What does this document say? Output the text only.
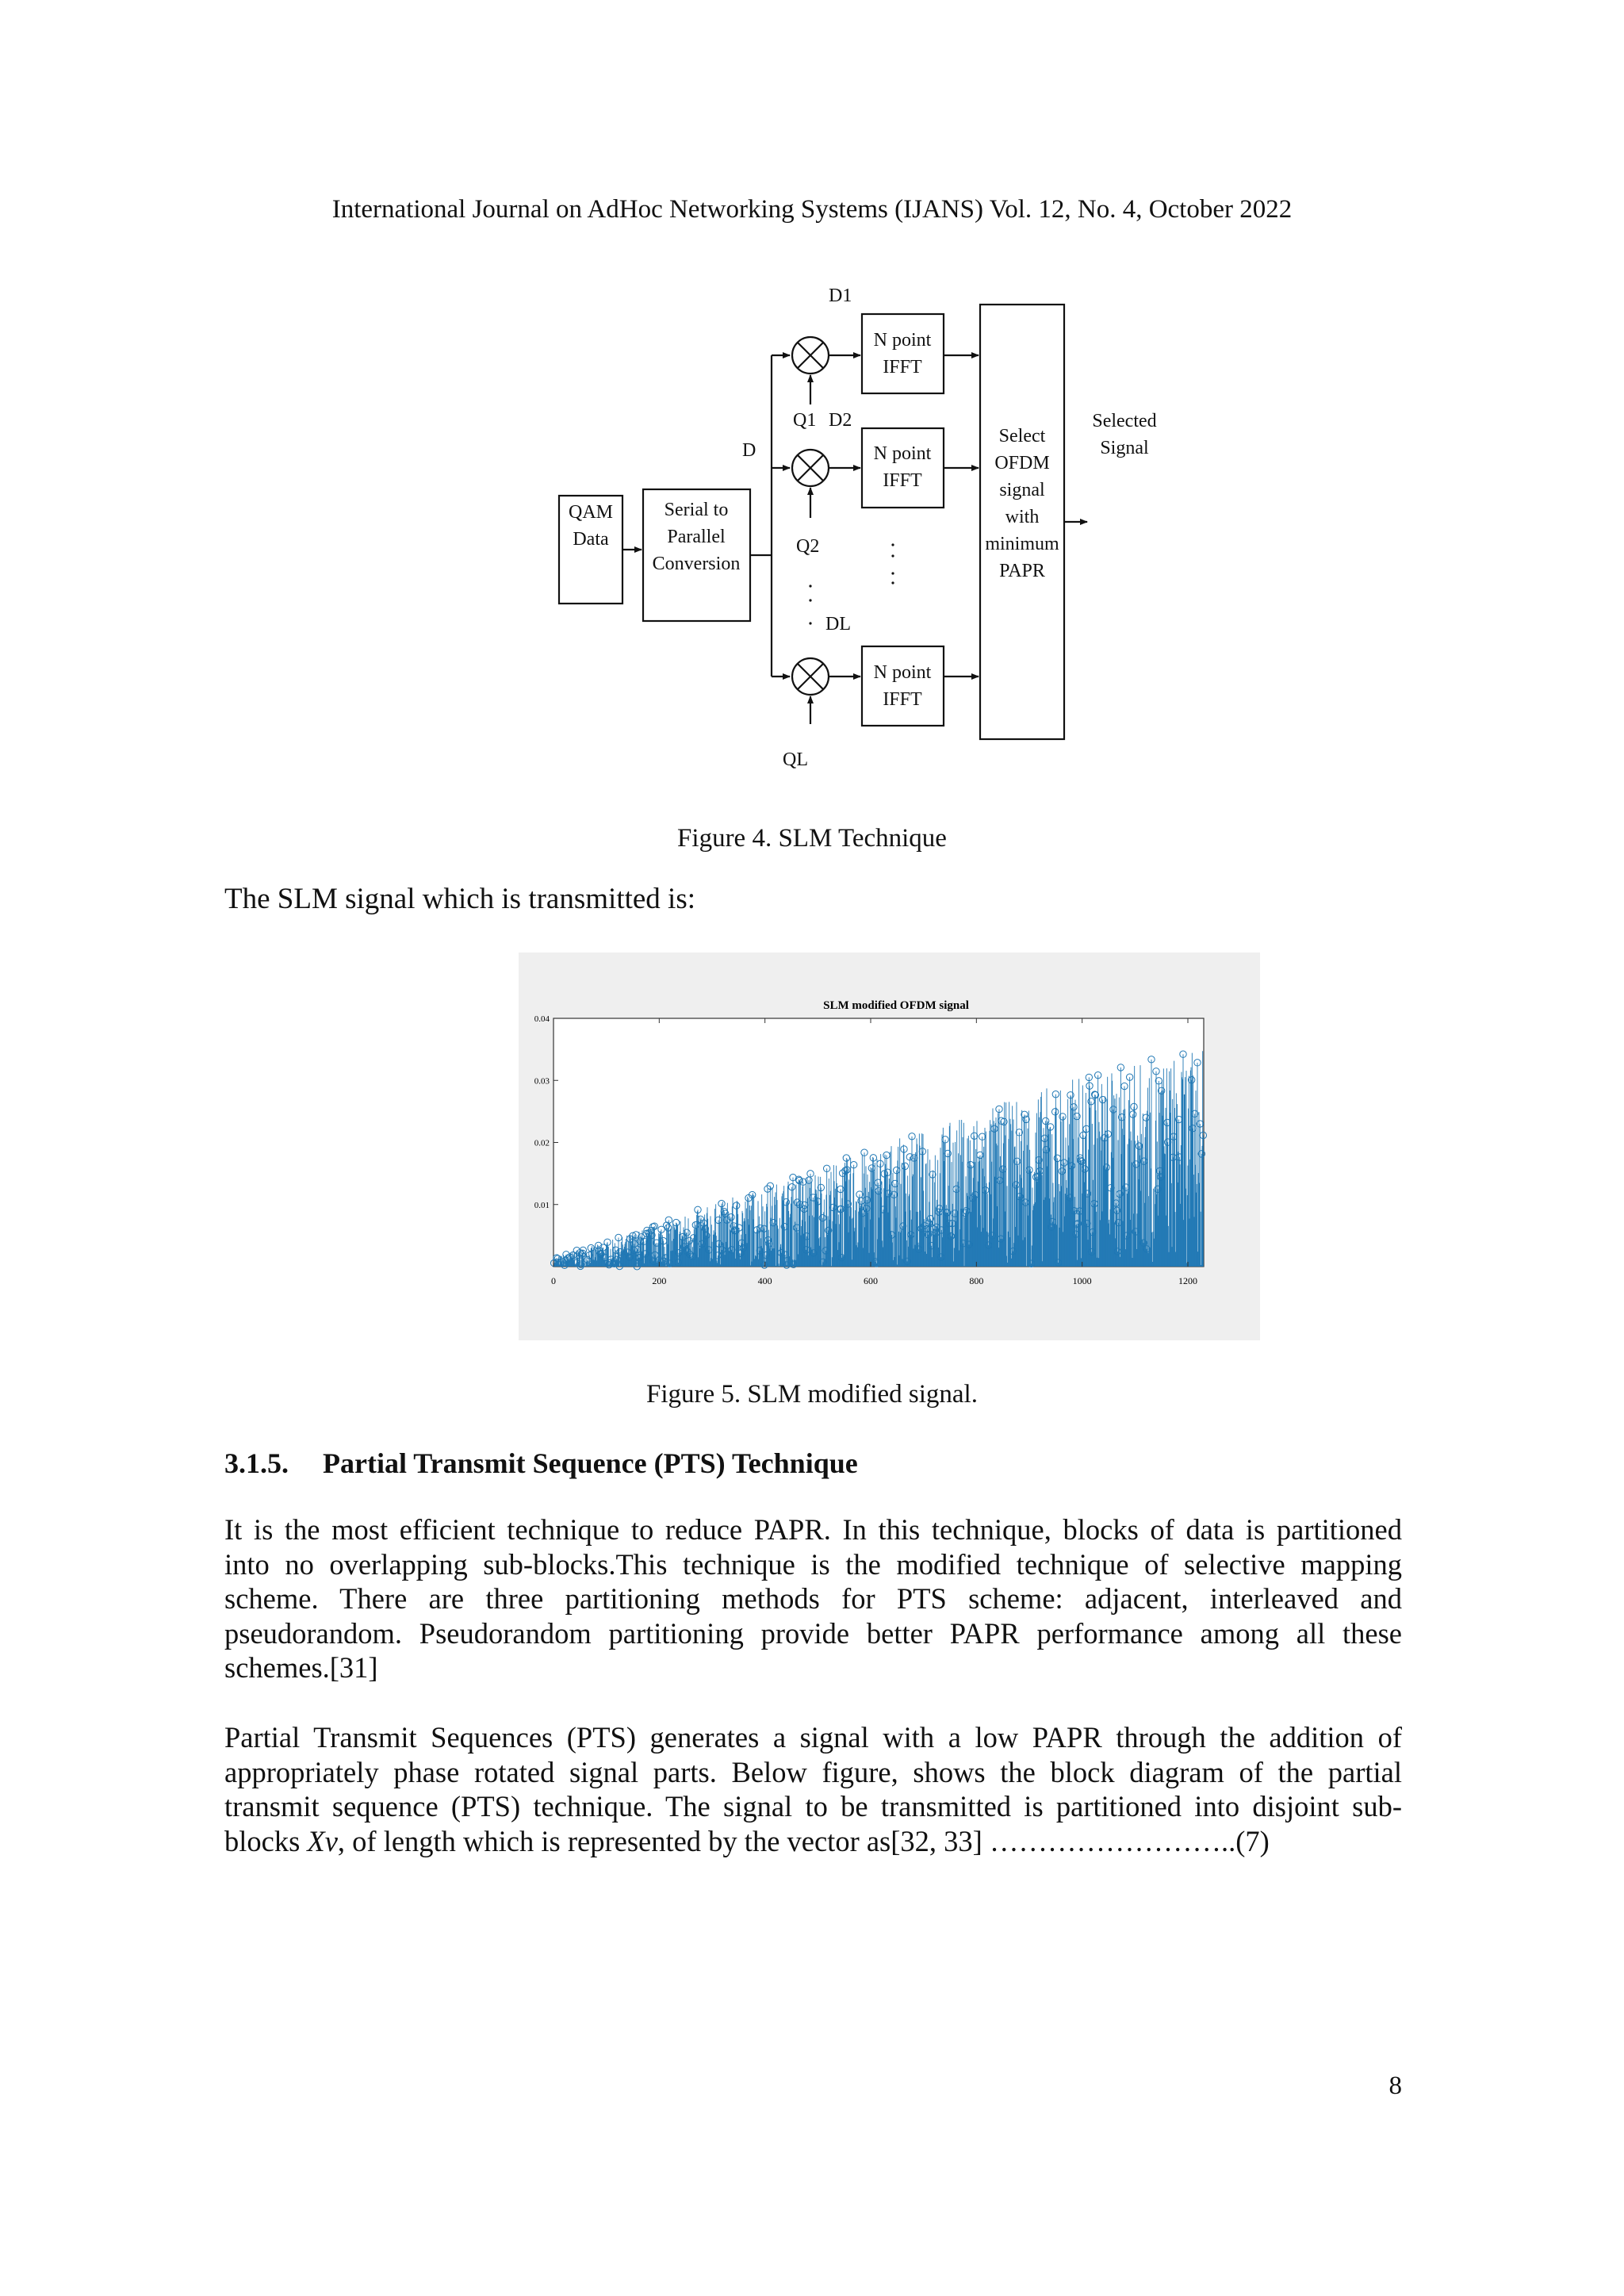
International Journal on AdHoc Networking Systems (IJANS) Vol. 12, No. 4, October 2022
QAM
Data
Serial to
Parallel
Conversion
D
D1
D2
DL
Q1
Q2
QL
N point
IFFT
N point
IFFT
N point
IFFT
Select
OFDM
signal
with
minimum
PAPR
Selected
Signal
Figure 4. SLM Technique
The SLM signal which is transmitted is:
0	200	400	600	800	1000	1200
0.01
0.02
0.03
0.04
SLM modified OFDM signal
Figure 5. SLM modified signal.
3.1.5. Partial Transmit Sequence (PTS) Technique
It is the most efficient technique to reduce PAPR. In this technique, blocks of data is partitioned
into no overlapping sub-blocks.This technique is the modified technique of selective mapping
scheme. There are three partitioning methods for PTS scheme: adjacent, interleaved and
pseudorandom. Pseudorandom partitioning provide better PAPR performance among all these
schemes.[31]
Partial Transmit Sequences (PTS) generates a signal with a low PAPR through the addition of
appropriately phase rotated signal parts. Below figure, shows the block diagram of the partial
transmit sequence (PTS) technique. The signal to be transmitted is partitioned into disjoint sub-
blocks Xv, of length which is represented by the vector as[32, 33] ……………………..(7)
8
